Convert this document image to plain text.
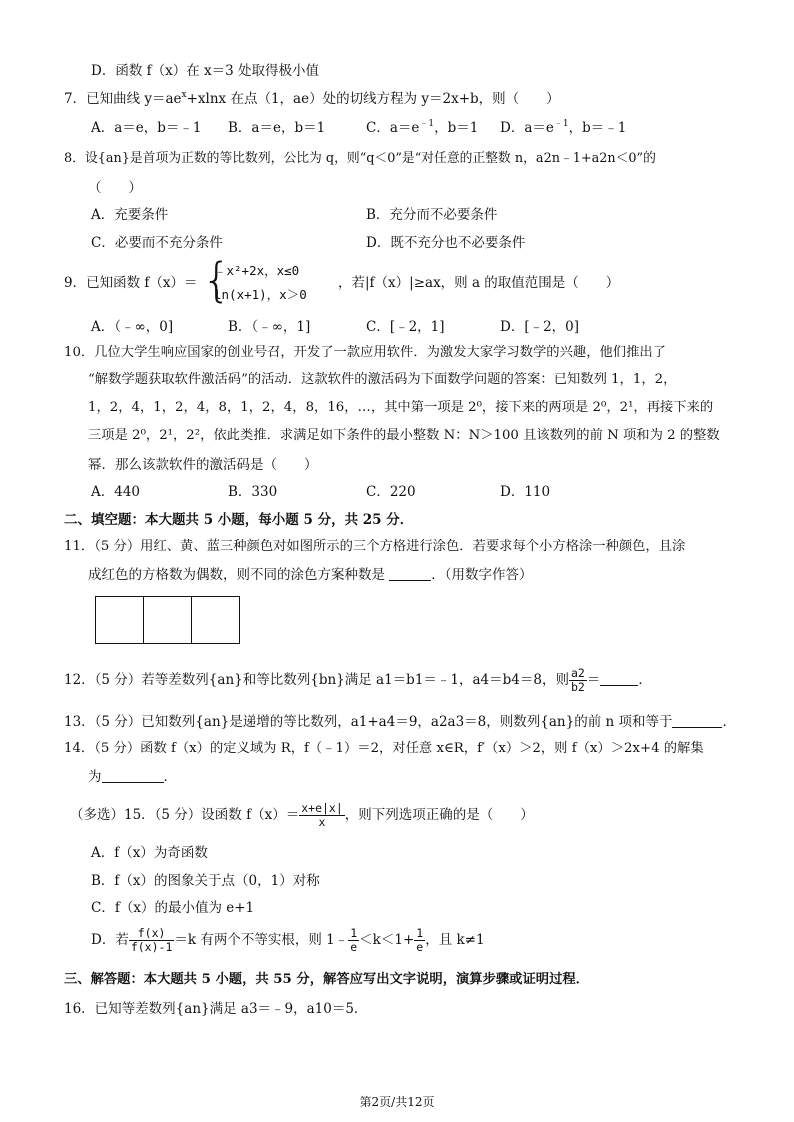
D．函数 f（x）在 x＝3 处取得极小值
7．已知曲线 $y=ae^x+xlnx$ 在点（1，ae）处的切线方程为 y＝2x+b，则（　　）
A．a＝e，b＝﹣1 B．a＝e，b＝1	C．$a=e^{﹣1}$，b＝1 D．$a=e^{﹣1}$，b＝﹣1
8．设{an}是首项为正数的等比数列，公比为 q，则“q＜0”是“对任意的正整数 n，a2n﹣1+a2n＜0”的
（　　）
A．充要条件	B．充分而不必要条件
C．必要而不充分条件	D．既不充分也不必要条件
9．已知函数 f（x）＝ {
﹣x²+2x，x≤0
ln(x+1)，x＞0
，若|f（x）|≥ax，则 a 的取值范围是（　　）
A．（﹣∞，0]	B．（﹣∞，1]	C．[﹣2，1]	D．[﹣2，0]
10．几位大学生响应国家的创业号召，开发了一款应用软件．为激发大家学习数学的兴趣，他们推出了
“解数学题获取软件激活码”的活动．这款软件的激活码为下面数学问题的答案：已知数列 1，1，2，
1，2，4，1，2，4，8，1，2，4，8，16，…，其中第一项是 2⁰，接下来的两项是 2⁰，2¹，再接下来的
三项是 2⁰，2¹，2²，依此类推．求满足如下条件的最小整数 N：N＞100 且该数列的前 N 项和为 2 的整数
幂．那么该款软件的激活码是（　　）
A．440	B．330	C．220	D．110
二、填空题：本大题共 5 小题，每小题 5 分，共 25 分．
11．（5 分）用红、黄、蓝三种颜色对如图所示的三个方格进行涂色．若要求每个小方格涂一种颜色，且涂
成红色的方格数为偶数，则不同的涂色方案种数是	．（用数字作答）
12．（5 分）若等差数列{an}和等比数列{bn}满足 a1＝b1＝﹣1，a4＝b4＝8，则 $\frac{a2}{b2}$ ＝	．
13．（5 分）已知数列{an}是递增的等比数列，a1+a4＝9，a2a3＝8，则数列{an}的前 n 项和等于	．
14．（5 分）函数 f（x）的定义域为 R，f（﹣1）＝2，对任意 x∈R，f′（x）＞2，则 f（x）＞2x+4 的解集
为	．
（多选）15．（5 分）设函数 $f(x)= \frac{x+e|x|}{x}$ ，则下列选项正确的是（　　）
A．f（x）为奇函数
B．f（x）的图象关于点（0，1）对称
C．f（x）的最小值为 e+1
D．若 $\frac{f(x)}{f(x)-1} =k$ 有两个不等实根，则 1﹣ $\frac{1}{e} <k<1+ \frac{1}{e}$ ，且 k≠1
三、解答题：本大题共 5 小题，共 55 分，解答应写出文字说明，演算步骤或证明过程．
16．已知等差数列{an}满足 a3＝﹣9，a10＝5．
第2页/共12页
